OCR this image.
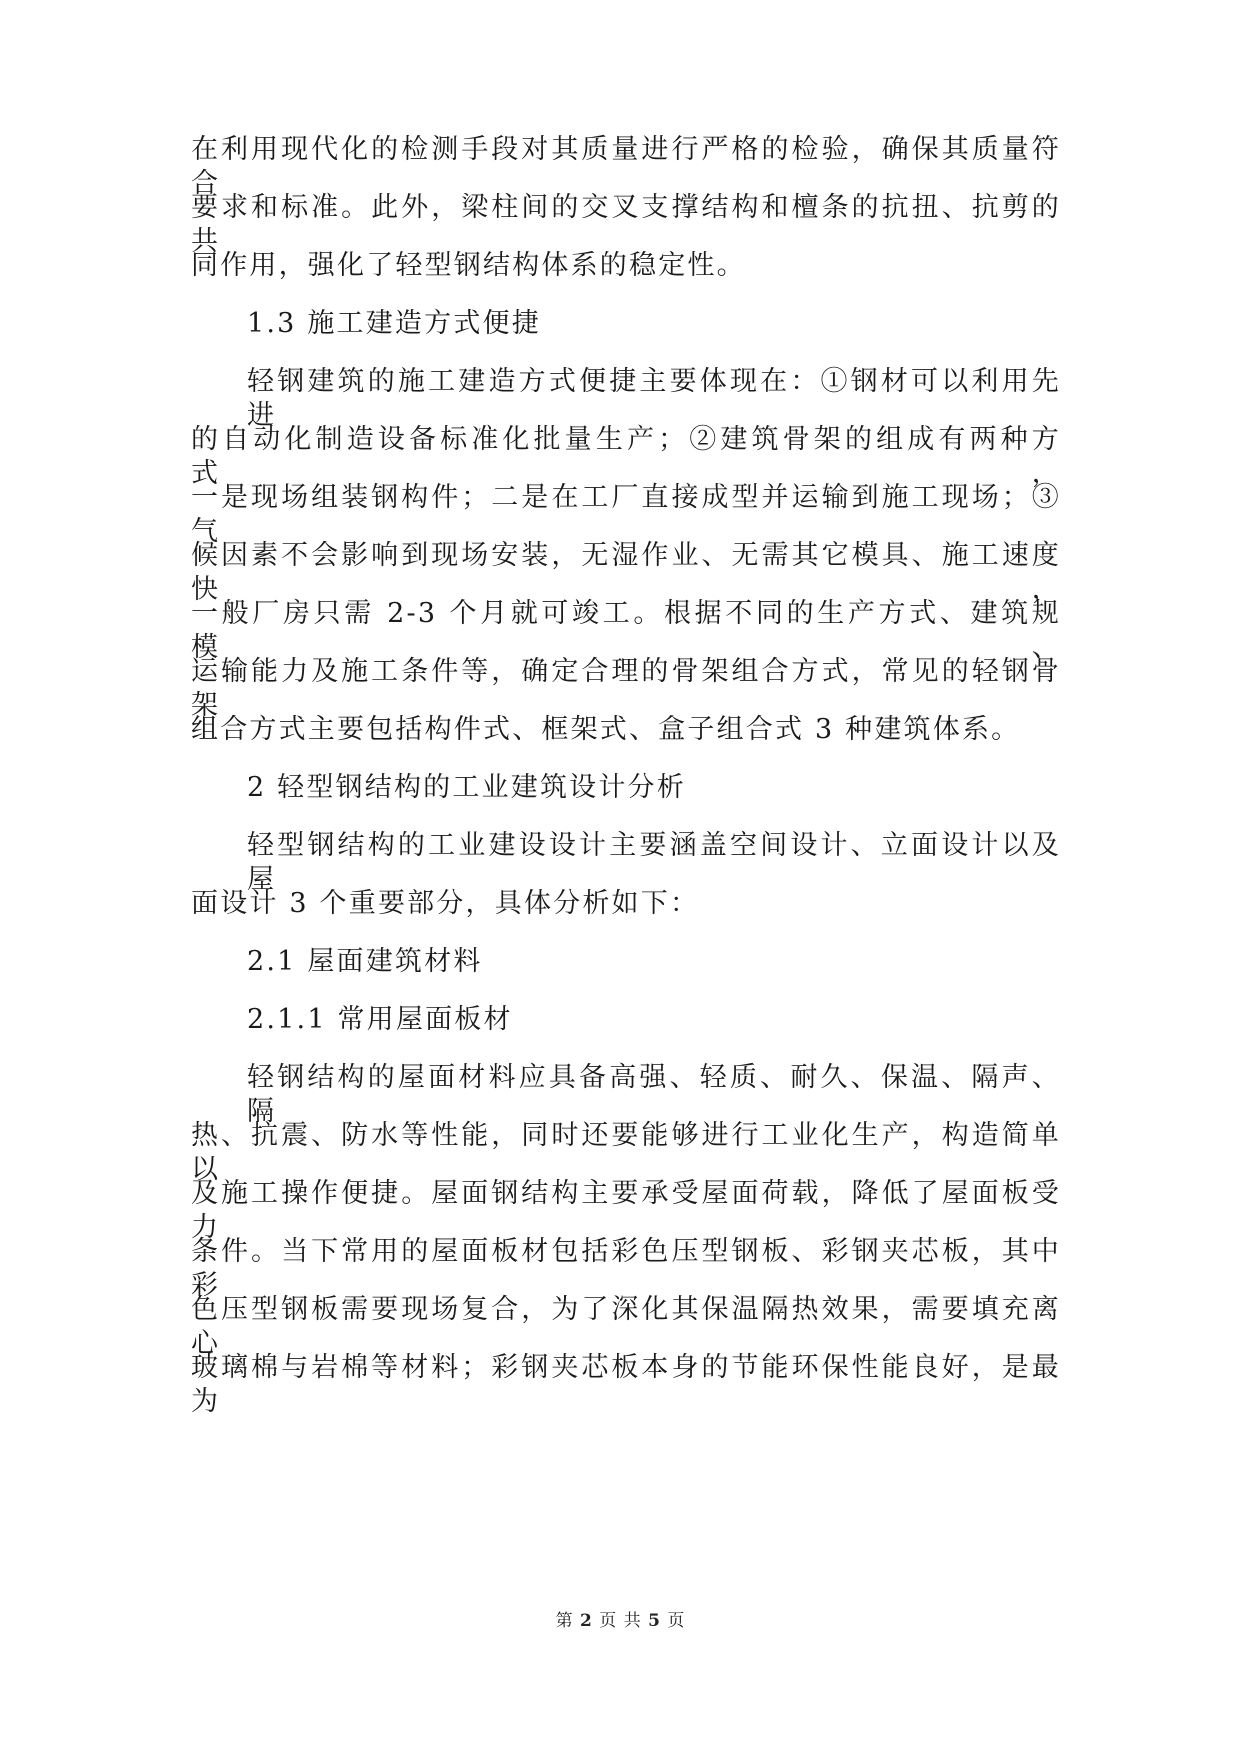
在利用现代化的检测手段对其质量进行严格的检验，确保其质量符合
要求和标准。此外，梁柱间的交叉支撑结构和檀条的抗扭、抗剪的共
同作用，强化了轻型钢结构体系的稳定性。
1.3 施工建造方式便捷
轻钢建筑的施工建造方式便捷主要体现在：①钢材可以利用先进
的自动化制造设备标准化批量生产；②建筑骨架的组成有两种方式，
一是现场组装钢构件；二是在工厂直接成型并运输到施工现场；③气
候因素不会影响到现场安装，无湿作业、无需其它模具、施工速度快，
一般厂房只需 2-3 个月就可竣工。根据不同的生产方式、建筑规模、
运输能力及施工条件等，确定合理的骨架组合方式，常见的轻钢骨架
组合方式主要包括构件式、框架式、盒子组合式 3 种建筑体系。
2 轻型钢结构的工业建筑设计分析
轻型钢结构的工业建设设计主要涵盖空间设计、立面设计以及屋
面设计 3 个重要部分，具体分析如下：
2.1 屋面建筑材料
2.1.1 常用屋面板材
轻钢结构的屋面材料应具备高强、轻质、耐久、保温、隔声、隔
热、抗震、防水等性能，同时还要能够进行工业化生产，构造简单以
及施工操作便捷。屋面钢结构主要承受屋面荷载，降低了屋面板受力
条件。当下常用的屋面板材包括彩色压型钢板、彩钢夹芯板，其中彩
色压型钢板需要现场复合，为了深化其保温隔热效果，需要填充离心
玻璃棉与岩棉等材料；彩钢夹芯板本身的节能环保性能良好，是最为
第 2 页 共 5 页
